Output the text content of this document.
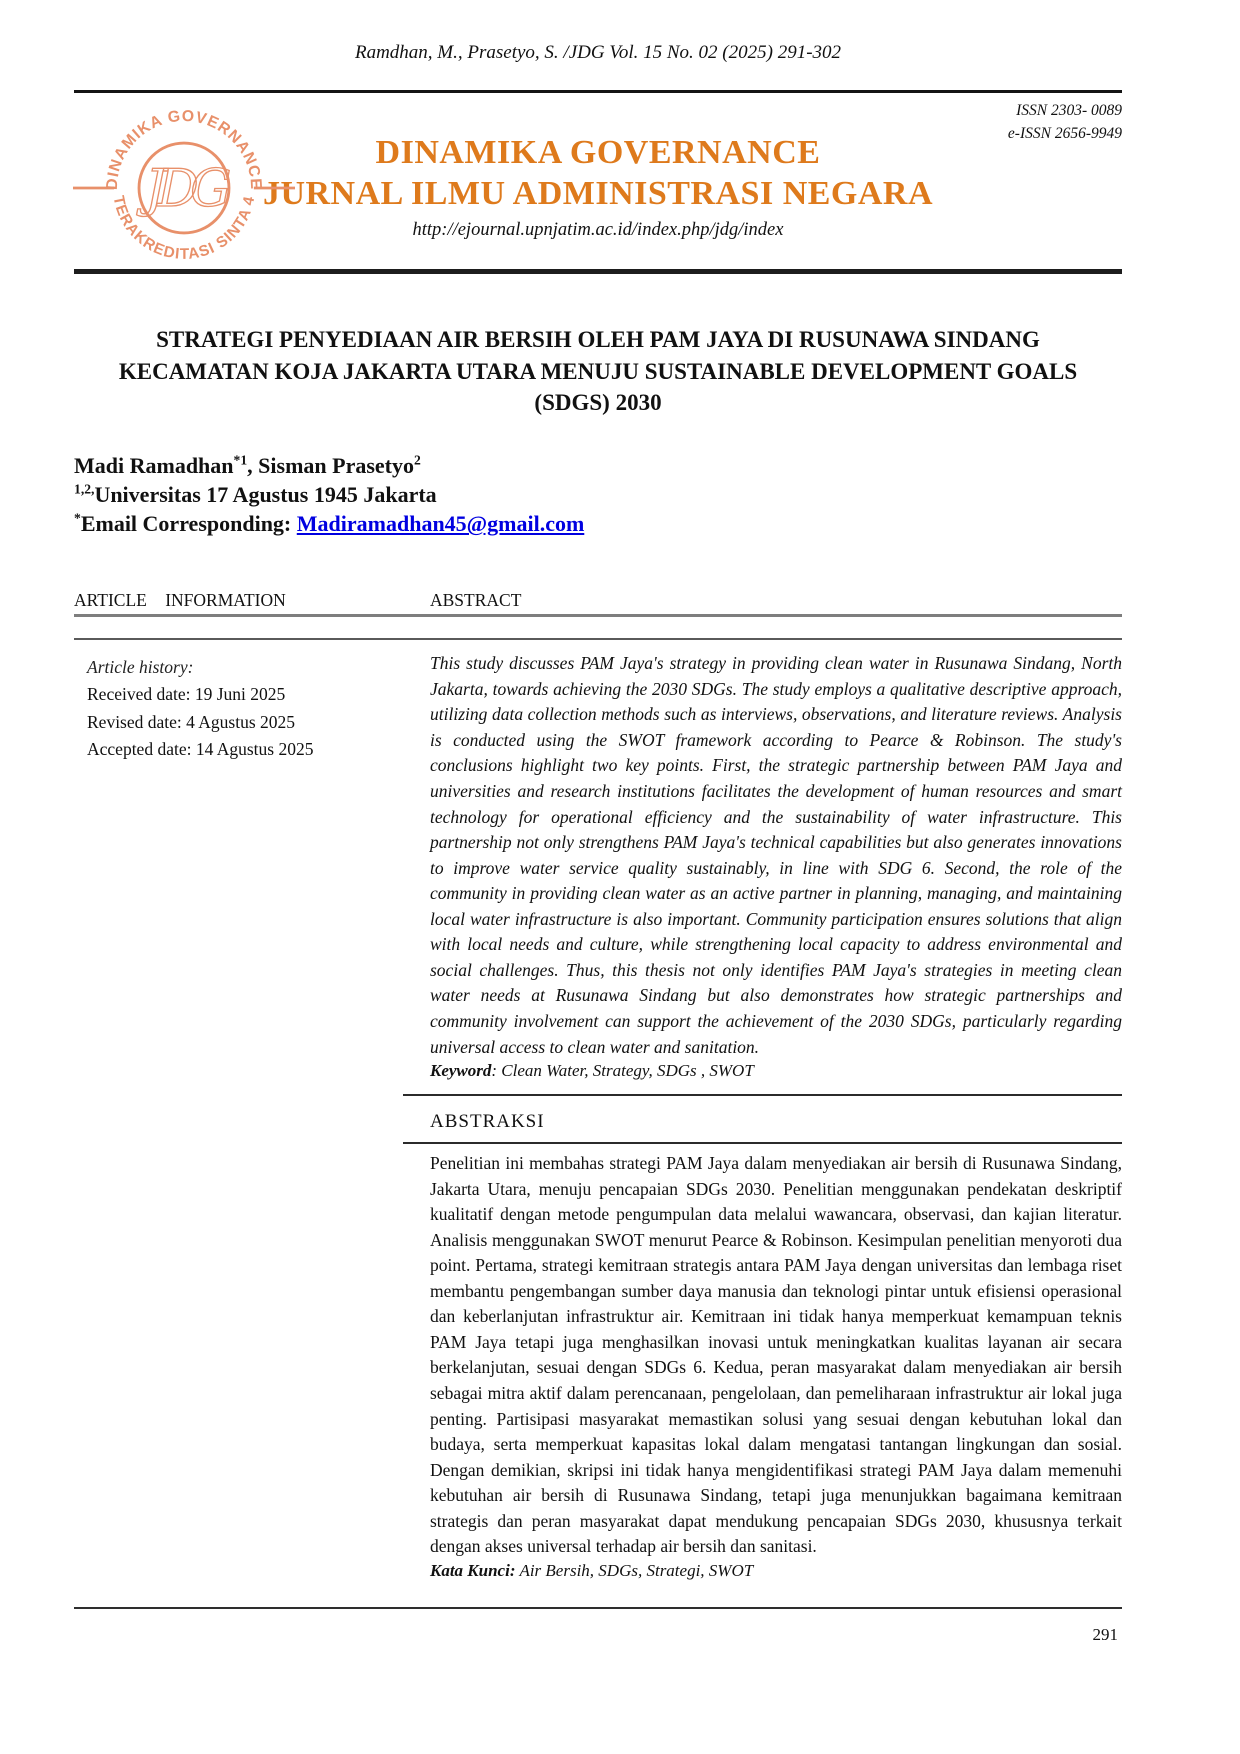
Ramdhan, M., Prasetyo, S. /JDG Vol. 15 No. 02 (2025) 291-302
DINAMIKA GOVERNANCE
TERAKREDITASI SINTA 4
JDG
ISSN 2303- 0089
e-ISSN 2656-9949
DINAMIKA GOVERNANCE
JURNAL ILMU ADMINISTRASI NEGARA
http://ejournal.upnjatim.ac.id/index.php/jdg/index
STRATEGI PENYEDIAAN AIR BERSIH OLEH PAM JAYA DI RUSUNAWA SINDANG
KECAMATAN KOJA JAKARTA UTARA MENUJU SUSTAINABLE DEVELOPMENT GOALS
(SDGS) 2030
Madi Ramadhan$^{*1}$, Sisman Prasetyo$^2$
$^{1,2,}$Universitas 17 Agustus 1945 Jakarta
*Email Corresponding: Madiramadhan45@gmail.com
ARTICLE INFORMATION	ABSTRACT
Article history:
Received date: 19 Juni 2025
Revised date: 4 Agustus 2025
Accepted date: 14 Agustus 2025

This study discusses PAM Jaya's strategy in providing clean water in Rusunawa Sindang, North Jakarta, towards achieving the 2030 SDGs. The study employs a qualitative descriptive approach, utilizing data collection methods such as interviews, observations, and literature reviews. Analysis is conducted using the SWOT framework according to Pearce & Robinson. The study's conclusions highlight two key points. First, the strategic partnership between PAM Jaya and universities and research institutions facilitates the development of human resources and smart technology for operational efficiency and the sustainability of water infrastructure. This partnership not only strengthens PAM Jaya's technical capabilities but also generates innovations to improve water service quality sustainably, in line with SDG 6. Second, the role of the community in providing clean water as an active partner in planning, managing, and maintaining local water infrastructure is also important. Community participation ensures solutions that align with local needs and culture, while strengthening local capacity to address environmental and social challenges. Thus, this thesis not only identifies PAM Jaya's strategies in meeting clean water needs at Rusunawa Sindang but also demonstrates how strategic partnerships and community involvement can support the achievement of the 2030 SDGs, particularly regarding universal access to clean water and sanitation.

Keyword: Clean Water, Strategy, SDGs , SWOT

ABSTRAKSI

Penelitian ini membahas strategi PAM Jaya dalam menyediakan air bersih di Rusunawa Sindang, Jakarta Utara, menuju pencapaian SDGs 2030. Penelitian menggunakan pendekatan deskriptif kualitatif dengan metode pengumpulan data melalui wawancara, observasi, dan kajian literatur. Analisis menggunakan SWOT menurut Pearce & Robinson. Kesimpulan penelitian menyoroti dua point. Pertama, strategi kemitraan strategis antara PAM Jaya dengan universitas dan lembaga riset membantu pengembangan sumber daya manusia dan teknologi pintar untuk efisiensi operasional dan keberlanjutan infrastruktur air. Kemitraan ini tidak hanya memperkuat kemampuan teknis PAM Jaya tetapi juga menghasilkan inovasi untuk meningkatkan kualitas layanan air secara berkelanjutan, sesuai dengan SDGs 6. Kedua, peran masyarakat dalam menyediakan air bersih sebagai mitra aktif dalam perencanaan, pengelolaan, dan pemeliharaan infrastruktur air lokal juga penting. Partisipasi masyarakat memastikan solusi yang sesuai dengan kebutuhan lokal dan budaya, serta memperkuat kapasitas lokal dalam mengatasi tantangan lingkungan dan sosial. Dengan demikian, skripsi ini tidak hanya mengidentifikasi strategi PAM Jaya dalam memenuhi kebutuhan air bersih di Rusunawa Sindang, tetapi juga menunjukkan bagaimana kemitraan strategis dan peran masyarakat dapat mendukung pencapaian SDGs 2030, khususnya terkait dengan akses universal terhadap air bersih dan sanitasi.

Kata Kunci: Air Bersih, SDGs, Strategi, SWOT

291
